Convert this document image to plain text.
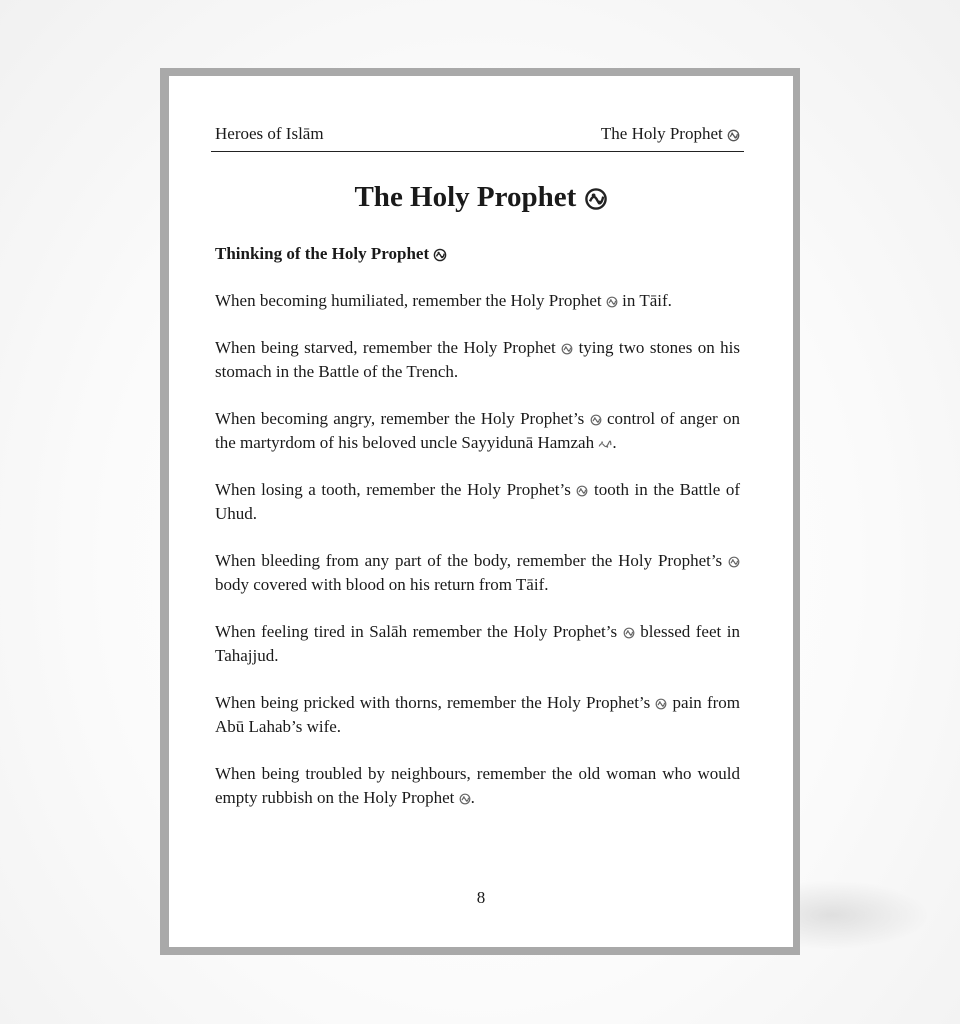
Heroes of Islām	The Holy Prophet
The Holy Prophet

Thinking of the Holy Prophet

When becoming humiliated, remember the Holy Prophet
in Tāif.

When being starved, remember the Holy Prophet
tying two stones on his stomach in the Battle of the Trench.

When becoming angry, remember the Holy Prophet’s
control of anger on the martyrdom of his beloved uncle Sayyidunā Hamzah
.

When losing a tooth, remember the Holy Prophet’s
tooth in the Battle of Uhud.

When bleeding from any part of the body, remember the Holy Prophet’s
body covered with blood on his return from Tāif.

When feeling tired in Salāh remember the Holy Prophet’s
blessed feet in Tahajjud.

When being pricked with thorns, remember the Holy Prophet’s
pain from Abū Lahab’s wife.

When being troubled by neighbours, remember the old woman who would empty rubbish on the Holy Prophet .

8
